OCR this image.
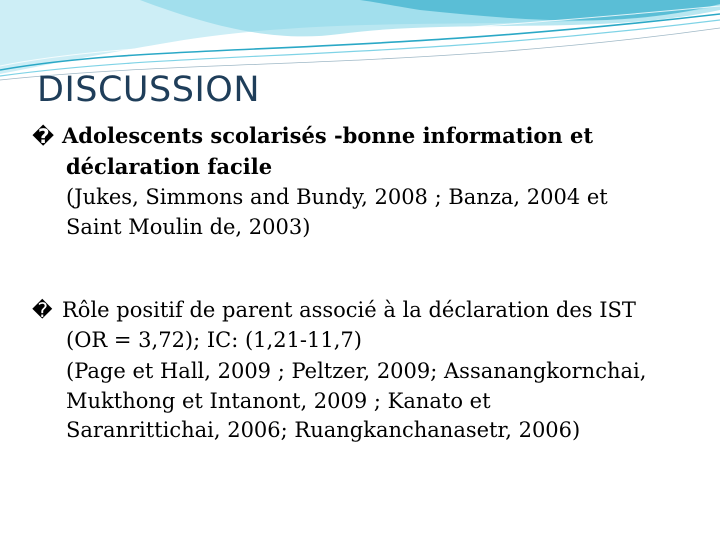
DISCUSSION
� Adolescents scolarisés -bonne information et
déclaration facile
(Jukes, Simmons and Bundy, 2008 ; Banza, 2004 et
Saint Moulin de, 2003)
� Rôle positif de parent associé à la déclaration des IST
(OR = 3,72); IC: (1,21-11,7)
(Page et Hall, 2009 ; Peltzer, 2009; Assanangkornchai,
Mukthong et Intanont, 2009 ; Kanato et
Saranrittichai, 2006; Ruangkanchanasetr, 2006)
